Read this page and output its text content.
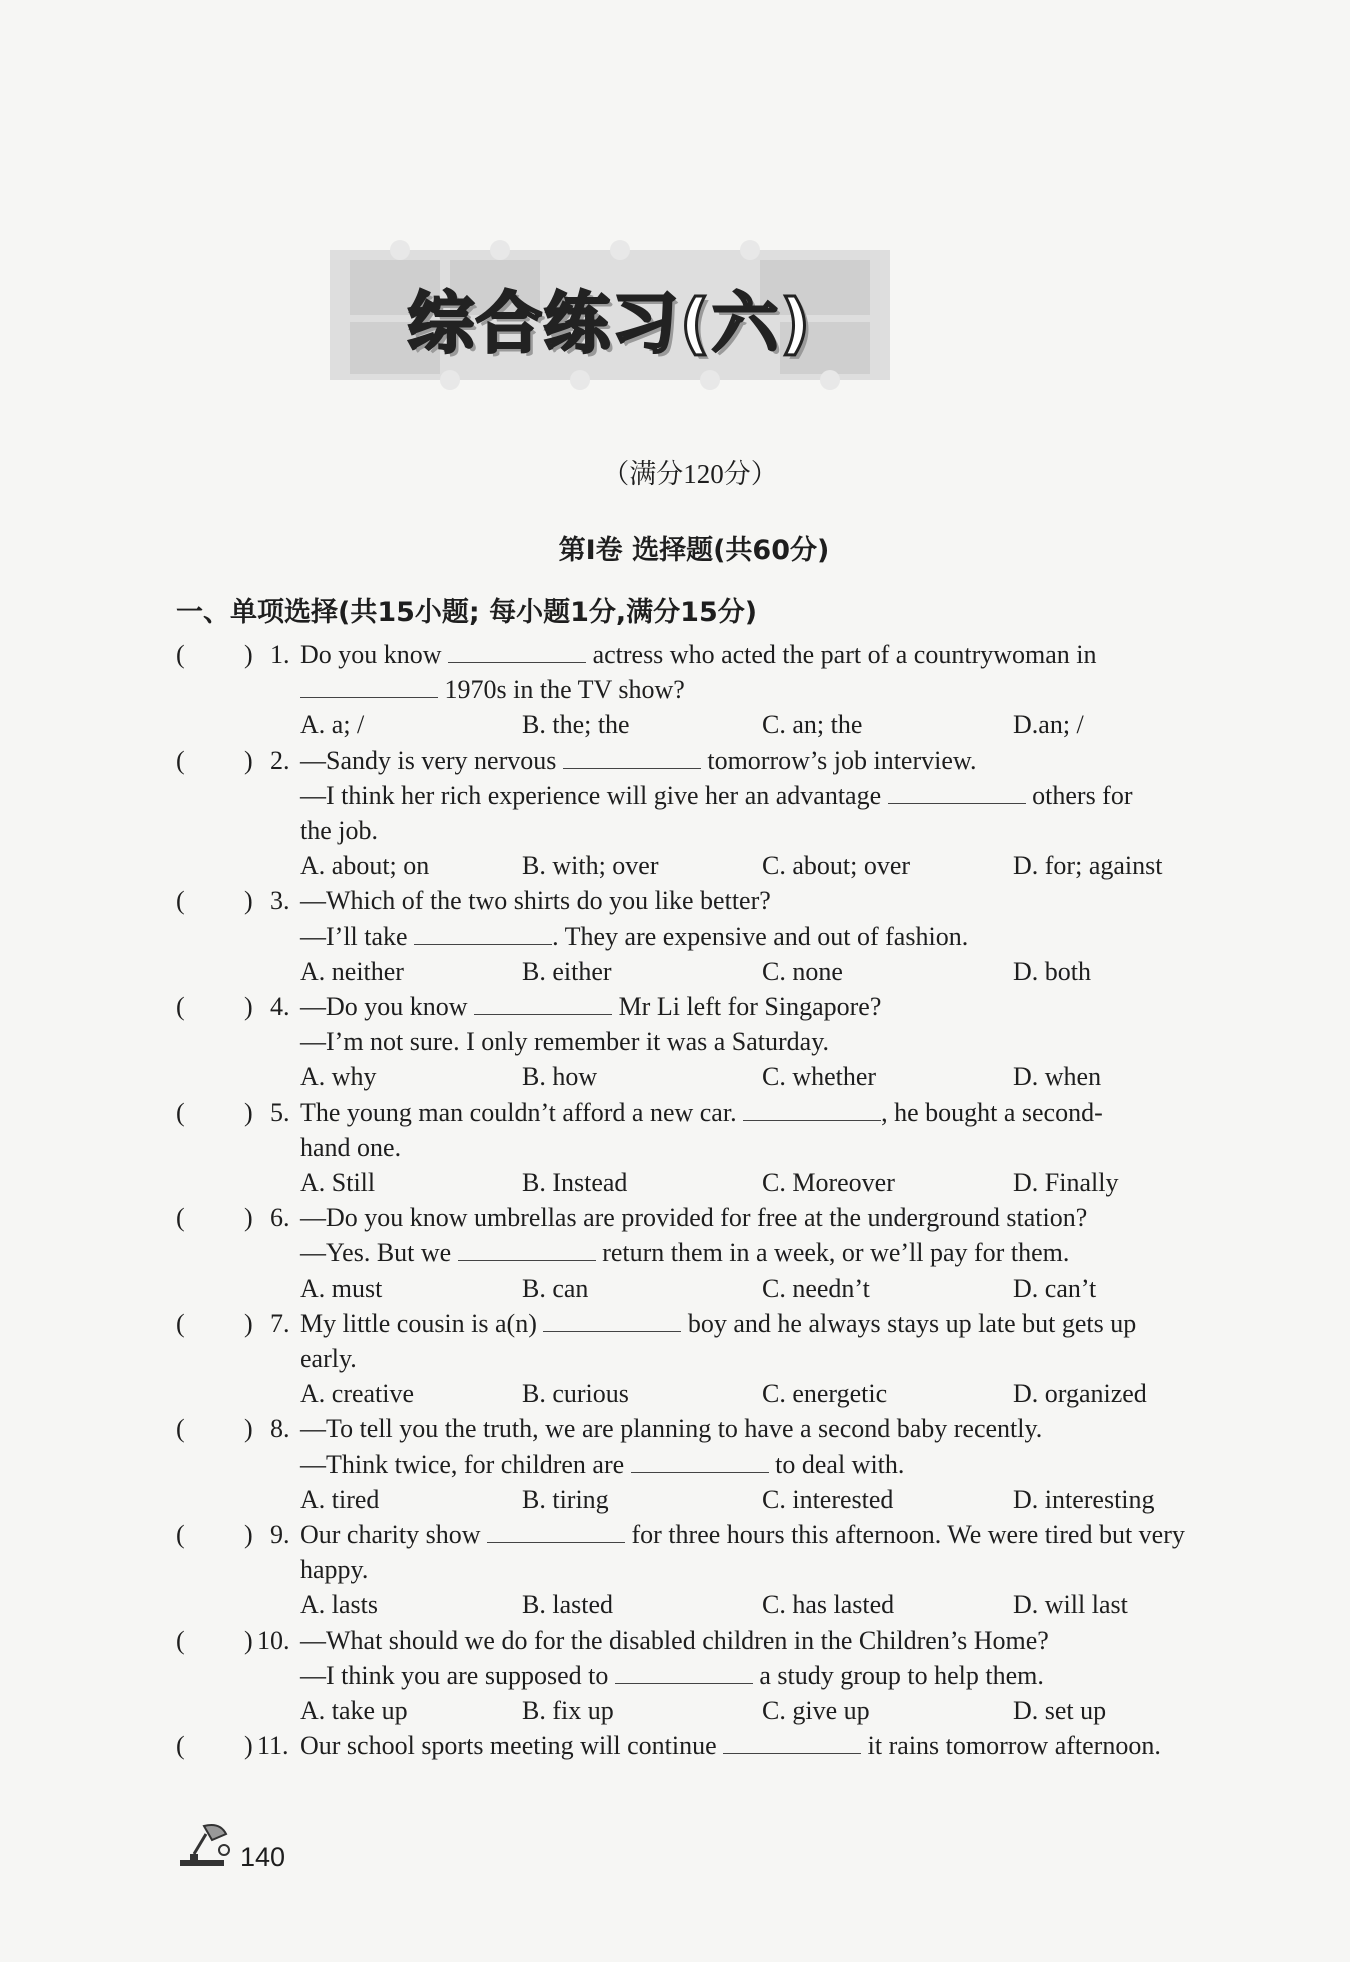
综合练习(六)
（满分120分）
第Ⅰ卷 选择题(共60分)
一、单项选择(共15小题; 每小题1分,满分15分)
( ) 1. Do you know	actress who acted the part of a countrywoman in
1970s in the TV show?
A. a; /	B. the; the	C. an; the	D.an; /
( ) 2. —Sandy is very nervous	tomorrow’s job interview.
—I think her rich experience will give her an advantage	others for
the job.
A. about; on	B. with; over	C. about; over	D. for; against
( ) 3. —Which of the two shirts do you like better?
—I’ll take	. They are expensive and out of fashion.
A. neither	B. either	C. none	D. both
( ) 4. —Do you know	Mr Li left for Singapore?
—I’m not sure. I only remember it was a Saturday.
A. why	B. how	C. whether	D. when
( ) 5. The young man couldn’t afford a new car.	, he bought a second-
hand one.
A. Still	B. Instead	C. Moreover	D. Finally
( ) 6. —Do you know umbrellas are provided for free at the underground station?
—Yes. But we	return them in a week, or we’ll pay for them.
A. must	B. can	C. needn’t	D. can’t
( ) 7. My little cousin is a(n)	boy and he always stays up late but gets up
early.
A. creative	B. curious	C. energetic	D. organized
( ) 8. —To tell you the truth, we are planning to have a second baby recently.
—Think twice, for children are	to deal with.
A. tired	B. tiring	C. interested	D. interesting
( ) 9. Our charity show	for three hours this afternoon. We were tired but very
happy.
A. lasts	B. lasted	C. has lasted	D. will last
( ) 10. —What should we do for the disabled children in the Children’s Home?
—I think you are supposed to	a study group to help them.
A. take up	B. fix up	C. give up	D. set up
( ) 11. Our school sports meeting will continue	it rains tomorrow afternoon.
140
